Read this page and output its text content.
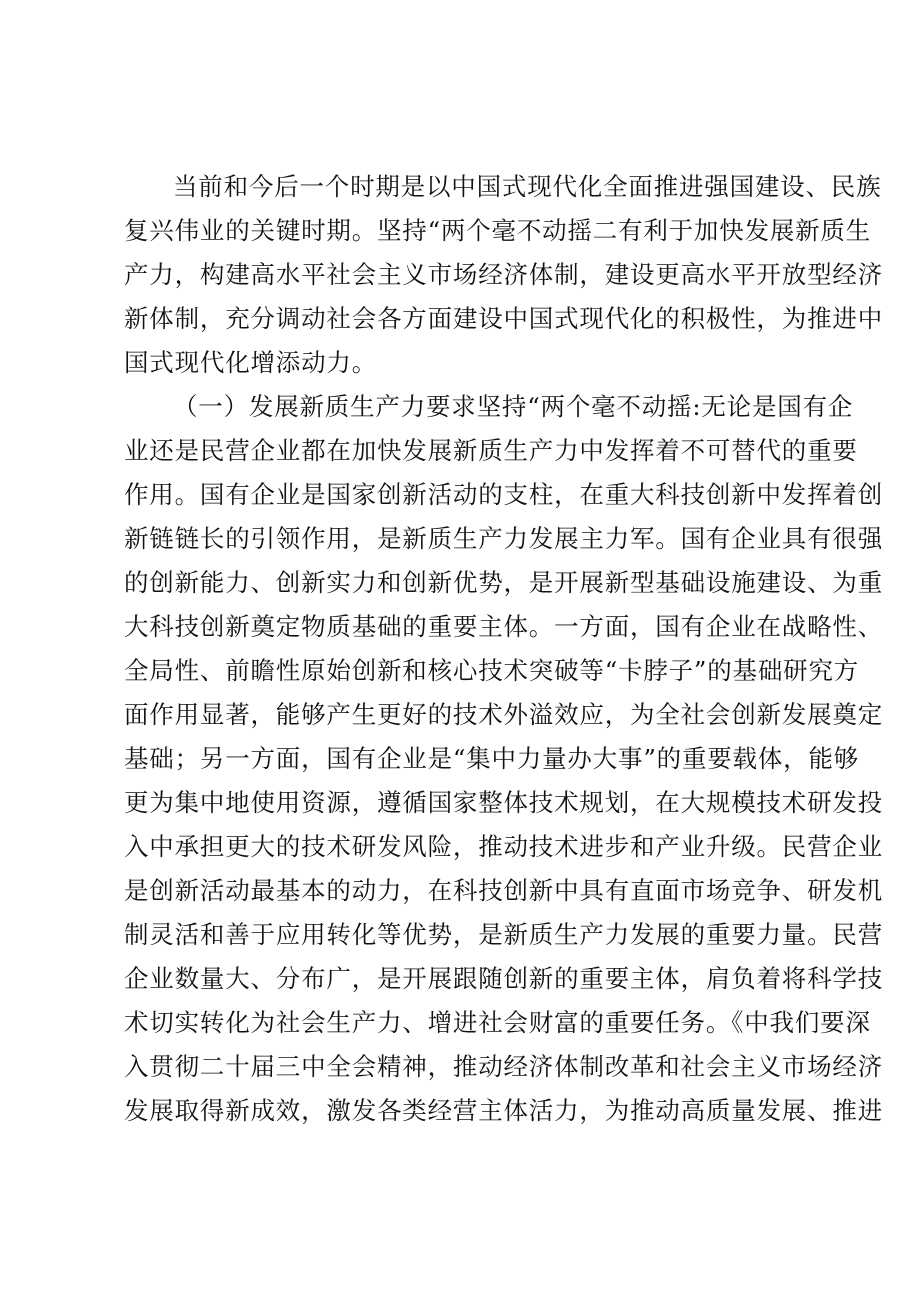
当前和今后一个时期是以中国式现代化全面推进强国建设、民族
复兴伟业的关键时期。坚持“两个毫不动摇二有利于加快发展新质生
产力，构建高水平社会主义市场经济体制，建设更高水平开放型经济
新体制，充分调动社会各方面建设中国式现代化的积极性，为推进中
国式现代化增添动力。
（一）发展新质生产力要求坚持“两个毫不动摇:无论是国有企
业还是民营企业都在加快发展新质生产力中发挥着不可替代的重要
作用。国有企业是国家创新活动的支柱，在重大科技创新中发挥着创
新链链长的引领作用，是新质生产力发展主力军。国有企业具有很强
的创新能力、创新实力和创新优势，是开展新型基础设施建设、为重
大科技创新奠定物质基础的重要主体。一方面，国有企业在战略性、
全局性、前瞻性原始创新和核心技术突破等“卡脖子”的基础研究方
面作用显著，能够产生更好的技术外溢效应，为全社会创新发展奠定
基础；另一方面，国有企业是“集中力量办大事”的重要载体，能够
更为集中地使用资源，遵循国家整体技术规划，在大规模技术研发投
入中承担更大的技术研发风险，推动技术进步和产业升级。民营企业
是创新活动最基本的动力，在科技创新中具有直面市场竞争、研发机
制灵活和善于应用转化等优势，是新质生产力发展的重要力量。民营
企业数量大、分布广，是开展跟随创新的重要主体，肩负着将科学技
术切实转化为社会生产力、增进社会财富的重要任务。《中我们要深
入贯彻二十届三中全会精神，推动经济体制改革和社会主义市场经济
发展取得新成效，激发各类经营主体活力，为推动高质量发展、推进
